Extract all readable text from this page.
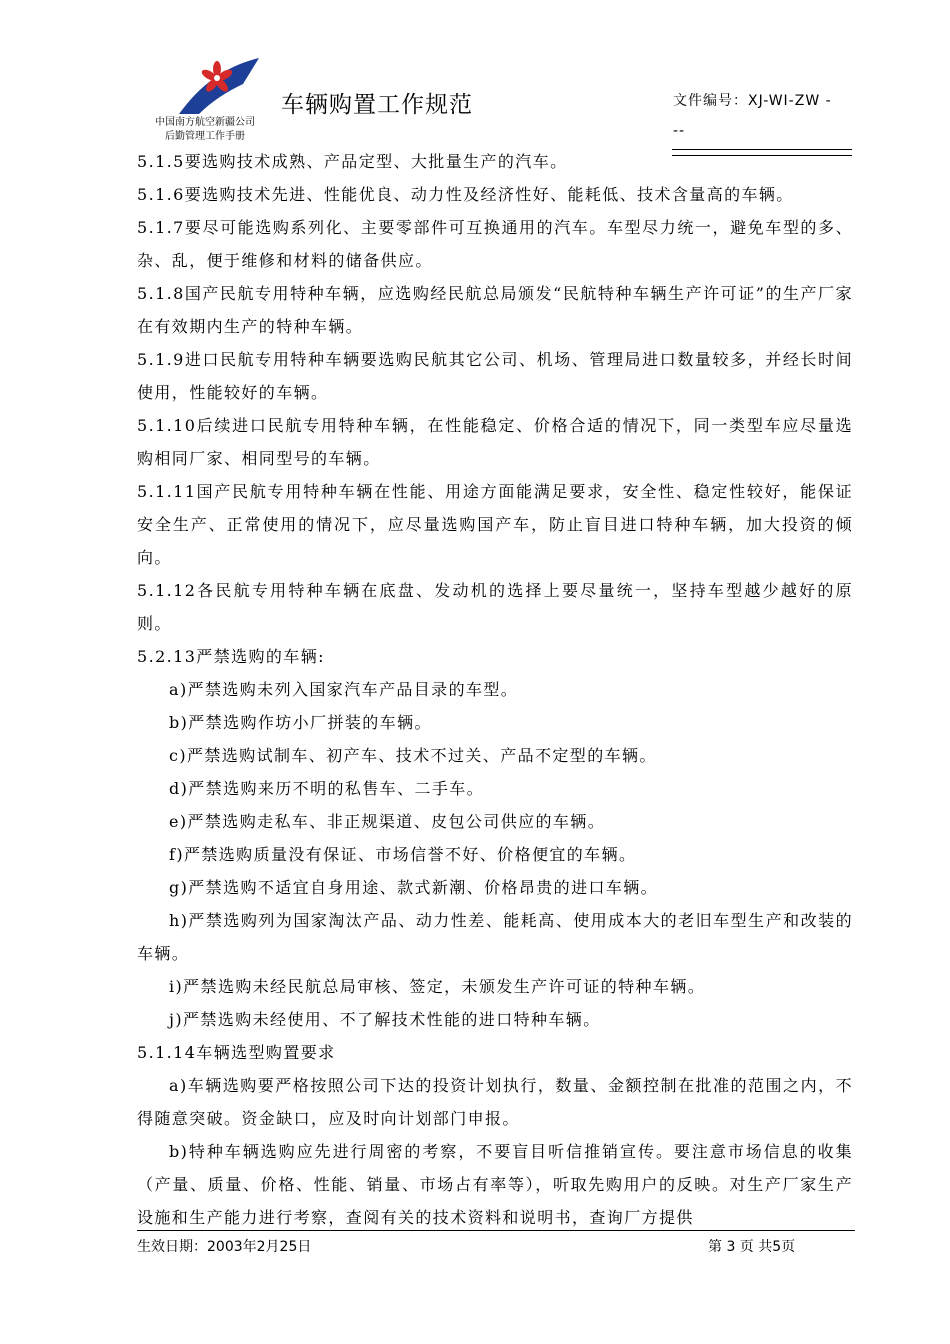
中国南方航空新疆公司
后勤管理工作手册
车辆购置工作规范	文件编号：XJ-WI-ZW -
--

5.1.5要选购技术成熟、产品定型、大批量生产的汽车。

5.1.6要选购技术先进、性能优良、动力性及经济性好、能耗低、技术含量高的车辆。

5.1.7要尽可能选购系列化、主要零部件可互换通用的汽车。车型尽力统一，避免车型的多、杂、乱，便于维修和材料的储备供应。

5.1.8国产民航专用特种车辆，应选购经民航总局颁发“民航特种车辆生产许可证”的生产厂家在有效期内生产的特种车辆。

5.1.9进口民航专用特种车辆要选购民航其它公司、机场、管理局进口数量较多，并经长时间使用，性能较好的车辆。

5.1.10后续进口民航专用特种车辆，在性能稳定、价格合适的情况下，同一类型车应尽量选购相同厂家、相同型号的车辆。

5.1.11国产民航专用特种车辆在性能、用途方面能满足要求，安全性、稳定性较好，能保证安全生产、正常使用的情况下，应尽量选购国产车，防止盲目进口特种车辆，加大投资的倾向。

5.1.12各民航专用特种车辆在底盘、发动机的选择上要尽量统一，坚持车型越少越好的原则。

5.2.13严禁选购的车辆:

a)严禁选购未列入国家汽车产品目录的车型。

b)严禁选购作坊小厂拼装的车辆。

c)严禁选购试制车、初产车、技术不过关、产品不定型的车辆。

d)严禁选购来历不明的私售车、二手车。

e)严禁选购走私车、非正规渠道、皮包公司供应的车辆。

f)严禁选购质量没有保证、市场信誉不好、价格便宜的车辆。

g)严禁选购不适宜自身用途、款式新潮、价格昂贵的进口车辆。

h)严禁选购列为国家淘汰产品、动力性差、能耗高、使用成本大的老旧车型生产和改装的车辆。

i)严禁选购未经民航总局审核、签定，未颁发生产许可证的特种车辆。

j)严禁选购未经使用、不了解技术性能的进口特种车辆。

5.1.14车辆选型购置要求

a)车辆选购要严格按照公司下达的投资计划执行，数量、金额控制在批准的范围之内，不得随意突破。资金缺口，应及时向计划部门申报。

b)特种车辆选购应先进行周密的考察，不要盲目听信推销宣传。要注意市场信息的收集（产量、质量、价格、性能、销量、市场占有率等），听取先购用户的反映。对生产厂家生产设施和生产能力进行考察，查阅有关的技术资料和说明书，查询厂方提供

生效日期：2003年2月25日	第 3 页 共5页
